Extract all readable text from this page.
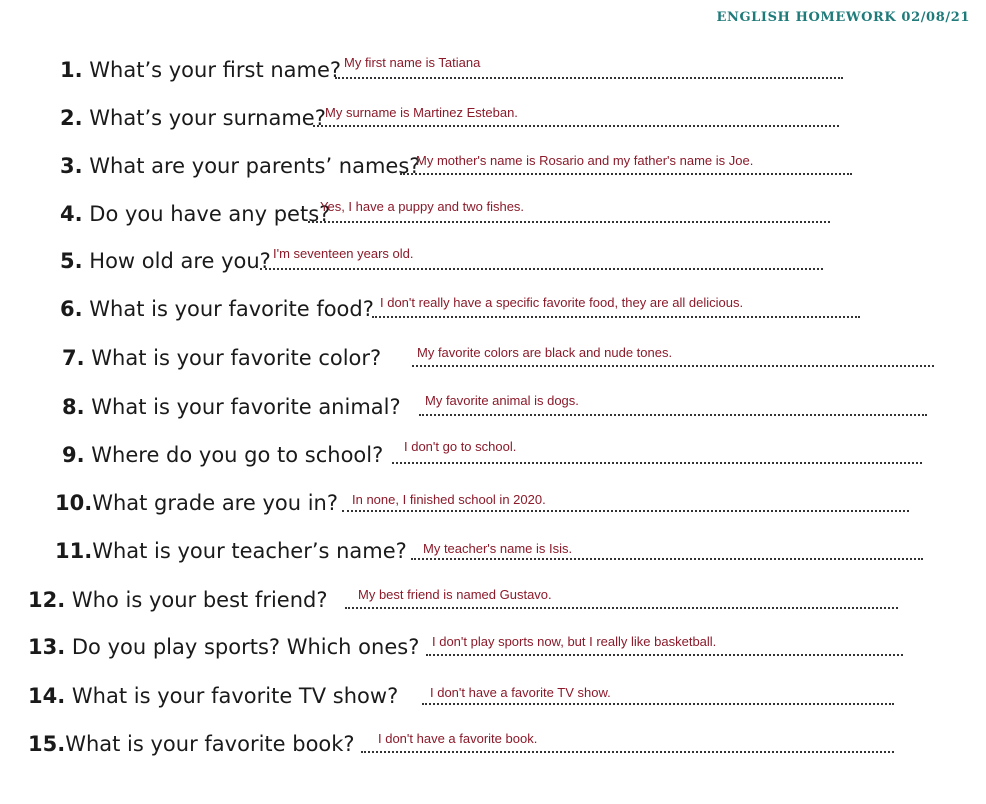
ENGLISH HOMEWORK 02/08/21
1. What’s your first name? My first name is Tatiana
2. What’s your surname? My surname is Martinez Esteban.
3. What are your parents’ names?
My mother's name is Rosario and my father's name is Joe.
4. Do you have any pets?
Yes, I have a puppy and two fishes.
5. How old are you? I'm seventeen years old.
6. What is your favorite food? I don't really have a specific favorite food, they are all delicious.
7. What is your favorite color?	My favorite colors are black and nude tones.
8. What is your favorite animal? My favorite animal is dogs.
9. Where do you go to school? I don't go to school.
10.What grade are you in? In none, I finished school in 2020.
11.What is your teacher’s name? My teacher's name is Isis.
12. Who is your best friend? My best friend is named Gustavo.
13. Do you play sports? Which ones? I don't play sports now, but I really like basketball.
14. What is your favorite TV show? I don't have a favorite TV show.
15.What is your favorite book? I don't have a favorite book.
